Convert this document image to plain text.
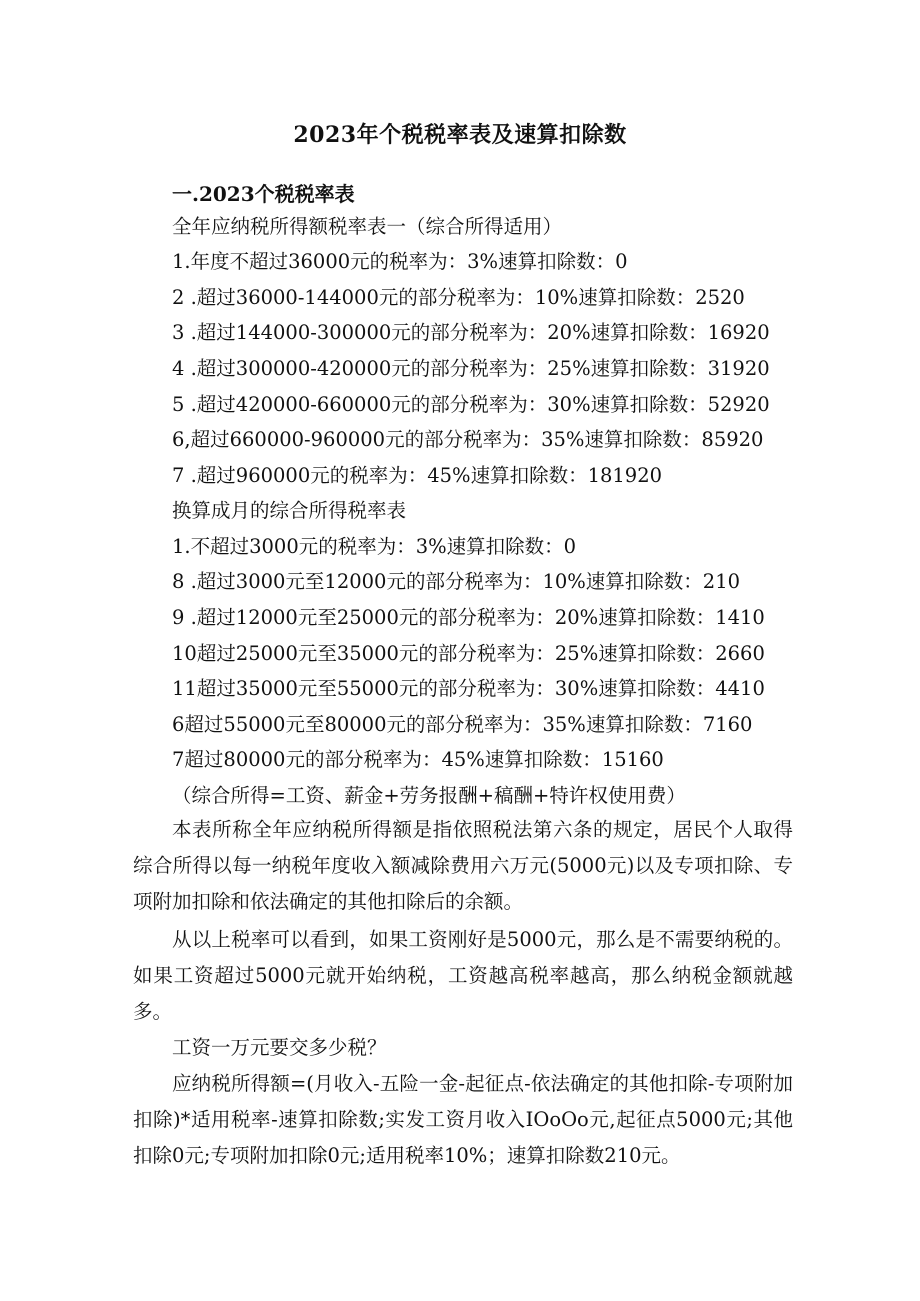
2023年个税税率表及速算扣除数
一.2023个税税率表
全年应纳税所得额税率表一（综合所得适用）
1.年度不超过36000元的税率为：3%速算扣除数：0
2 .超过36000-144000元的部分税率为：10%速算扣除数：2520
3 .超过144000-300000元的部分税率为：20%速算扣除数：16920
4 .超过300000-420000元的部分税率为：25%速算扣除数：31920
5 .超过420000-660000元的部分税率为：30%速算扣除数：52920
6,超过660000-960000元的部分税率为：35%速算扣除数：85920
7 .超过960000元的税率为：45%速算扣除数：181920
换算成月的综合所得税率表
1.不超过3000元的税率为：3%速算扣除数：0
8 .超过3000元至12000元的部分税率为：10%速算扣除数：210
9 .超过12000元至25000元的部分税率为：20%速算扣除数：1410
10超过25000元至35000元的部分税率为：25%速算扣除数：2660
11超过35000元至55000元的部分税率为：30%速算扣除数：4410
6超过55000元至80000元的部分税率为：35%速算扣除数：7160
7超过80000元的部分税率为：45%速算扣除数：15160
（综合所得=工资、薪金+劳务报酬+稿酬+特许权使用费）
本表所称全年应纳税所得额是指依照税法第六条的规定，居民个人取得综合所得以每一纳税年度收入额减除费用六万元(5000元)以及专项扣除、专项附加扣除和依法确定的其他扣除后的余额。
从以上税率可以看到，如果工资刚好是5000元，那么是不需要纳税的。如果工资超过5000元就开始纳税，工资越高税率越高，那么纳税金额就越多。
工资一万元要交多少税？
应纳税所得额=(月收入-五险一金-起征点-依法确定的其他扣除-专项附加扣除)*适用税率-速算扣除数;实发工资月收入IOoOo元,起征点5000元;其他扣除0元;专项附加扣除0元;适用税率10%；速算扣除数210元。
